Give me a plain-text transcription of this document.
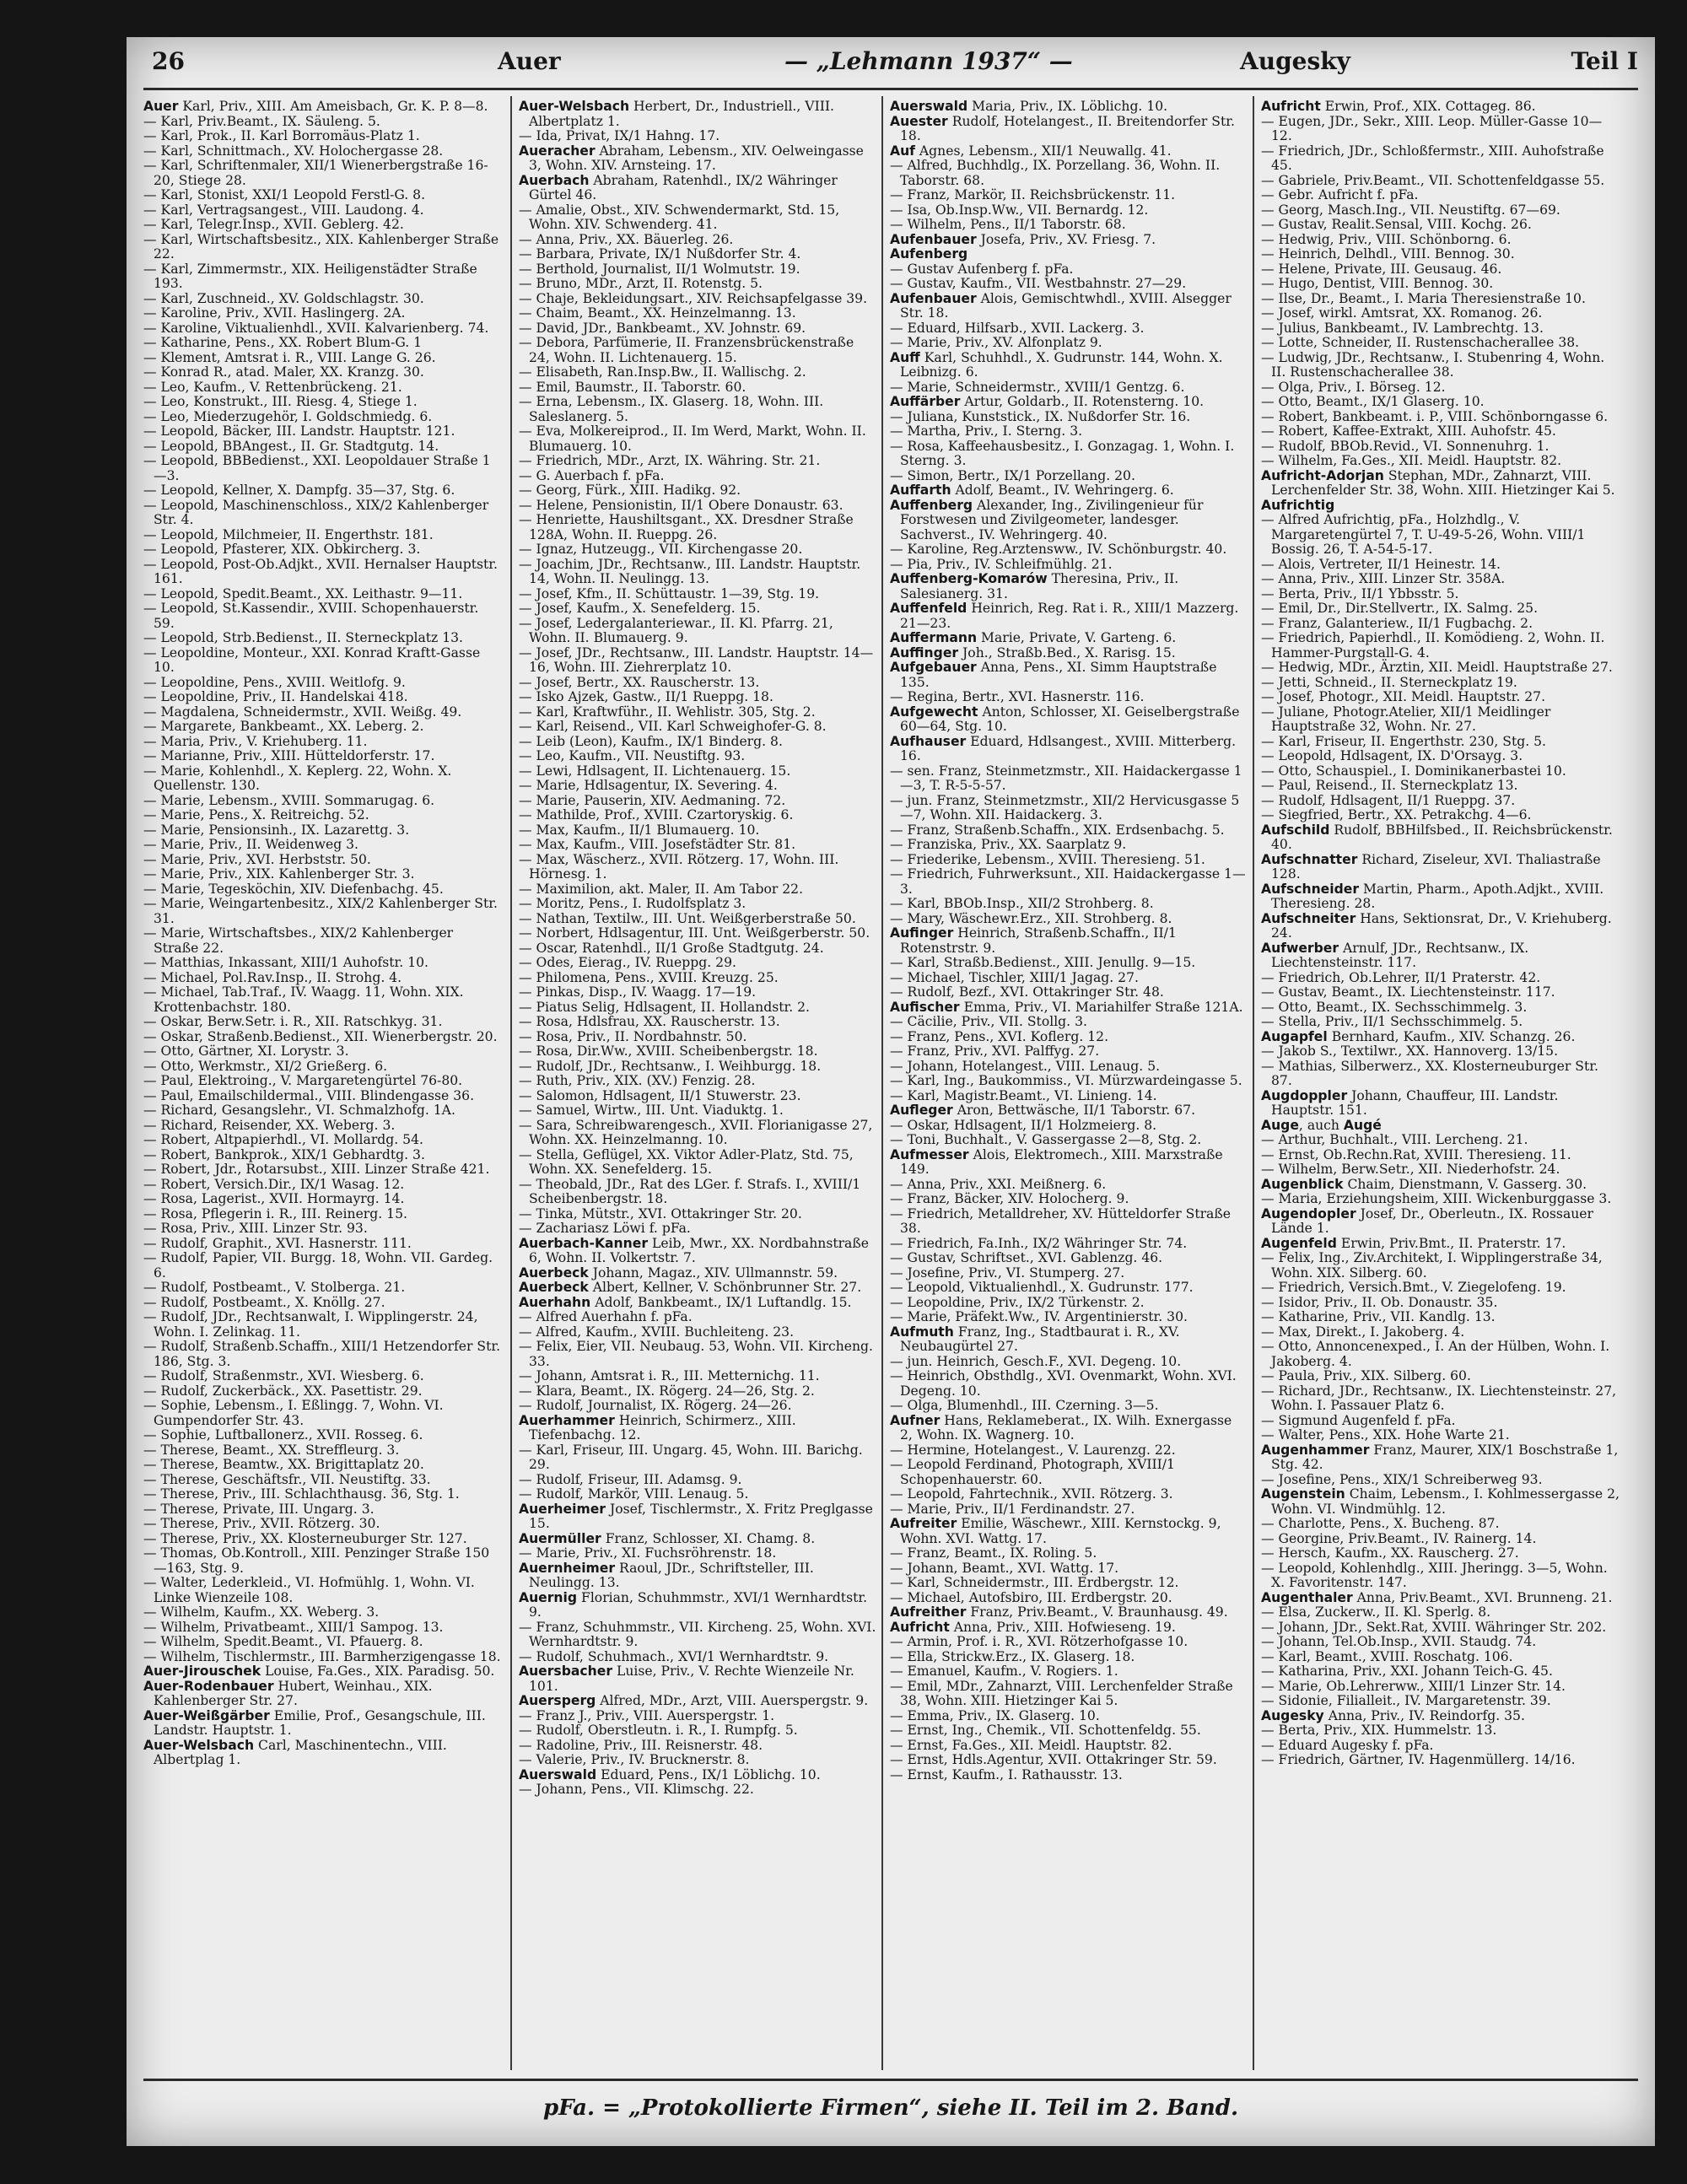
26	Auer	— „Lehmann 1937“ —	Augesky	Teil I

Auer Karl, Priv., XIII. Am Ameisbach, Gr. K. P. 8—8.

— Karl, Priv.Beamt., IX. Säuleng. 5.

— Karl, Prok., II. Karl Borromäus-Platz 1.

— Karl, Schnittmach., XV. Holochergasse 28.

— Karl, Schriftenmaler, XII/1 Wienerbergstraße 16-20, Stiege 28.

— Karl, Stonist, XXI/1 Leopold Ferstl-G. 8.

— Karl, Vertragsangest., VIII. Laudong. 4.

— Karl, Telegr.Insp., XVII. Geblerg. 42.

— Karl, Wirtschaftsbesitz., XIX. Kahlenberger Straße 22.

— Karl, Zimmermstr., XIX. Heiligenstädter Straße 193.

— Karl, Zuschneid., XV. Goldschlagstr. 30.

— Karoline, Priv., XVII. Haslingerg. 2A.

— Karoline, Viktualienhdl., XVII. Kalvarienberg. 74.

— Katharine, Pens., XX. Robert Blum-G. 1

— Klement, Amtsrat i. R., VIII. Lange G. 26.

— Konrad R., atad. Maler, XX. Kranzg. 30.

— Leo, Kaufm., V. Rettenbrückeng. 21.

— Leo, Konstrukt., III. Riesg. 4, Stiege 1.

— Leo, Miederzugehör, I. Goldschmiedg. 6.

— Leopold, Bäcker, III. Landstr. Hauptstr. 121.

— Leopold, BBAngest., II. Gr. Stadtgutg. 14.

— Leopold, BBBedienst., XXI. Leopoldauer Straße 1—3.

— Leopold, Kellner, X. Dampfg. 35—37, Stg. 6.

— Leopold, Maschinenschloss., XIX/2 Kahlenberger Str. 4.

— Leopold, Milchmeier, II. Engerthstr. 181.

— Leopold, Pfasterer, XIX. Obkircherg. 3.

— Leopold, Post-Ob.Adjkt., XVII. Hernalser Hauptstr. 161.

— Leopold, Spedit.Beamt., XX. Leithastr. 9—11.

— Leopold, St.Kassendir., XVIII. Schopenhauerstr. 59.

— Leopold, Strb.Bedienst., II. Sterneckplatz 13.

— Leopoldine, Monteur., XXI. Konrad Kraftt-Gasse 10.

— Leopoldine, Pens., XVIII. Weitlofg. 9.

— Leopoldine, Priv., II. Handelskai 418.

— Magdalena, Schneidermstr., XVII. Weißg. 49.

— Margarete, Bankbeamt., XX. Leberg. 2.

— Maria, Priv., V. Kriehuberg. 11.

— Marianne, Priv., XIII. Hütteldorferstr. 17.

— Marie, Kohlenhdl., X. Keplerg. 22, Wohn. X. Quellenstr. 130.

— Marie, Lebensm., XVIII. Sommarugag. 6.

— Marie, Pens., X. Reitreichg. 52.

— Marie, Pensionsinh., IX. Lazarettg. 3.

— Marie, Priv., II. Weidenweg 3.

— Marie, Priv., XVI. Herbststr. 50.

— Marie, Priv., XIX. Kahlenberger Str. 3.

— Marie, Tegesköchin, XIV. Diefenbachg. 45.

— Marie, Weingartenbesitz., XIX/2 Kahlenberger Str. 31.

— Marie, Wirtschaftsbes., XIX/2 Kahlenberger Straße 22.

— Matthias, Inkassant, XIII/1 Auhofstr. 10.

— Michael, Pol.Rav.Insp., II. Strohg. 4.

— Michael, Tab.Traf., IV. Waagg. 11, Wohn. XIX. Krottenbachstr. 180.

— Oskar, Berw.Setr. i. R., XII. Ratschkyg. 31.

— Oskar, Straßenb.Bedienst., XII. Wienerbergstr. 20.

— Otto, Gärtner, XI. Lorystr. 3.

— Otto, Werkmstr., XI/2 Grießerg. 6.

— Paul, Elektroing., V. Margaretengürtel 76-80.

— Paul, Emailschildermal., VIII. Blindengasse 36.

— Richard, Gesangslehr., VI. Schmalzhofg. 1A.

— Richard, Reisender, XX. Weberg. 3.

— Robert, Altpapierhdl., VI. Mollardg. 54.

— Robert, Bankprok., XIX/1 Gebhardtg. 3.

— Robert, Jdr., Rotarsubst., XIII. Linzer Straße 421.

— Robert, Versich.Dir., IX/1 Wasag. 12.

— Rosa, Lagerist., XVII. Hormayrg. 14.

— Rosa, Pflegerin i. R., III. Reinerg. 15.

— Rosa, Priv., XIII. Linzer Str. 93.

— Rudolf, Graphit., XVI. Hasnerstr. 111.

— Rudolf, Papier, VII. Burgg. 18, Wohn. VII. Gardeg. 6.

— Rudolf, Postbeamt., V. Stolberga. 21.

— Rudolf, Postbeamt., X. Knöllg. 27.

— Rudolf, JDr., Rechtsanwalt, I. Wipplingerstr. 24, Wohn. I. Zelinkag. 11.

— Rudolf, Straßenb.Schaffn., XIII/1 Hetzendorfer Str. 186, Stg. 3.

— Rudolf, Straßenmstr., XVI. Wiesberg. 6.

— Rudolf, Zuckerbäck., XX. Pasettistr. 29.

— Sophie, Lebensm., I. Eßlingg. 7, Wohn. VI. Gumpendorfer Str. 43.

— Sophie, Luftballonerz., XVII. Rosseg. 6.

— Therese, Beamt., XX. Streffleurg. 3.

— Therese, Beamtw., XX. Brigittaplatz 20.

— Therese, Geschäftsfr., VII. Neustiftg. 33.

— Therese, Priv., III. Schlachthausg. 36, Stg. 1.

— Therese, Private, III. Ungarg. 3.

— Therese, Priv., XVII. Rötzerg. 30.

— Therese, Priv., XX. Klosterneuburger Str. 127.

— Thomas, Ob.Kontroll., XIII. Penzinger Straße 150—163, Stg. 9.

— Walter, Lederkleid., VI. Hofmühlg. 1, Wohn. VI. Linke Wienzeile 108.

— Wilhelm, Kaufm., XX. Weberg. 3.

— Wilhelm, Privatbeamt., XIII/1 Sampog. 13.

— Wilhelm, Spedit.Beamt., VI. Pfauerg. 8.

— Wilhelm, Tischlermstr., III. Barmherzigengasse 18.

Auer-Jirouschek Louise, Fa.Ges., XIX. Paradisg. 50.

Auer-Rodenbauer Hubert, Weinhau., XIX. Kahlenberger Str. 27.

Auer-Weißgärber Emilie, Prof., Gesangschule, III. Landstr. Hauptstr. 1.

Auer-Welsbach Carl, Maschinentechn., VIII. Albertplag 1.

Auer-Welsbach Herbert, Dr., Industriell., VIII. Albertplatz 1.

— Ida, Privat, IX/1 Hahng. 17.

Aueracher Abraham, Lebensm., XIV. Oelweingasse 3, Wohn. XIV. Arnsteing. 17.

Auerbach Abraham, Ratenhdl., IX/2 Währinger Gürtel 46.

— Amalie, Obst., XIV. Schwendermarkt, Std. 15, Wohn. XIV. Schwenderg. 41.

— Anna, Priv., XX. Bäuerleg. 26.

— Barbara, Private, IX/1 Nußdorfer Str. 4.

— Berthold, Journalist, II/1 Wolmutstr. 19.

— Bruno, MDr., Arzt, II. Rotenstg. 5.

— Chaje, Bekleidungsart., XIV. Reichsapfelgasse 39.

— Chaim, Beamt., XX. Heinzelmanng. 13.

— David, JDr., Bankbeamt., XV. Johnstr. 69.

— Debora, Parfümerie, II. Franzensbrückenstraße 24, Wohn. II. Lichtenauerg. 15.

— Elisabeth, Ran.Insp.Bw., II. Wallischg. 2.

— Emil, Baumstr., II. Taborstr. 60.

— Erna, Lebensm., IX. Glaserg. 18, Wohn. III. Saleslanerg. 5.

— Eva, Molkereiprod., II. Im Werd, Markt, Wohn. II. Blumauerg. 10.

— Friedrich, MDr., Arzt, IX. Währing. Str. 21.

— G. Auerbach f. pFa.

— Georg, Fürk., XIII. Hadikg. 92.

— Helene, Pensionistin, II/1 Obere Donaustr. 63.

— Henriette, Haushiltsgant., XX. Dresdner Straße 128A, Wohn. II. Rueppg. 26.

— Ignaz, Hutzeugg., VII. Kirchengasse 20.

— Joachim, JDr., Rechtsanw., III. Landstr. Hauptstr. 14, Wohn. II. Neulingg. 13.

— Josef, Kfm., II. Schüttaustr. 1—39, Stg. 19.

— Josef, Kaufm., X. Senefelderg. 15.

— Josef, Ledergalanteriewar., II. Kl. Pfarrg. 21, Wohn. II. Blumauerg. 9.

— Josef, JDr., Rechtsanw., III. Landstr. Hauptstr. 14—16, Wohn. III. Ziehrerplatz 10.

— Josef, Bertr., XX. Rauscherstr. 13.

— Isko Ajzek, Gastw., II/1 Rueppg. 18.

— Karl, Kraftwführ., II. Wehlistr. 305, Stg. 2.

— Karl, Reisend., VII. Karl Schweighofer-G. 8.

— Leib (Leon), Kaufm., IX/1 Binderg. 8.

— Leo, Kaufm., VII. Neustiftg. 93.

— Lewi, Hdlsagent, II. Lichtenauerg. 15.

— Marie, Hdlsagentur, IX. Severing. 4.

— Marie, Pauserin, XIV. Aedmaning. 72.

— Mathilde, Prof., XVIII. Czartoryskig. 6.

— Max, Kaufm., II/1 Blumauerg. 10.

— Max, Kaufm., VIII. Josefstädter Str. 81.

— Max, Wäscherz., XVII. Rötzerg. 17, Wohn. III. Hörnesg. 1.

— Maximilion, akt. Maler, II. Am Tabor 22.

— Moritz, Pens., I. Rudolfsplatz 3.

— Nathan, Textilw., III. Unt. Weißgerberstraße 50.

— Norbert, Hdlsagentur, III. Unt. Weißgerberstr. 50.

— Oscar, Ratenhdl., II/1 Große Stadtgutg. 24.

— Odes, Eierag., IV. Rueppg. 29.

— Philomena, Pens., XVIII. Kreuzg. 25.

— Pinkas, Disp., IV. Waagg. 17—19.

— Piatus Selig, Hdlsagent, II. Hollandstr. 2.

— Rosa, Hdlsfrau, XX. Rauscherstr. 13.

— Rosa, Priv., II. Nordbahnstr. 50.

— Rosa, Dir.Ww., XVIII. Scheibenbergstr. 18.

— Rudolf, JDr., Rechtsanw., I. Weihburgg. 18.

— Ruth, Priv., XIX. (XV.) Fenzig. 28.

— Salomon, Hdlsagent, II/1 Stuwerstr. 23.

— Samuel, Wirtw., III. Unt. Viaduktg. 1.

— Sara, Schreibwarengesch., XVII. Florianigasse 27, Wohn. XX. Heinzelmanng. 10.

— Stella, Geflügel, XX. Viktor Adler-Platz, Std. 75, Wohn. XX. Senefelderg. 15.

— Theobald, JDr., Rat des LGer. f. Strafs. I., XVIII/1 Scheibenbergstr. 18.

— Tinka, Mütstr., XVI. Ottakringer Str. 20.

— Zachariasz Löwi f. pFa.

Auerbach-Kanner Leib, Mwr., XX. Nordbahnstraße 6, Wohn. II. Volkertstr. 7.

Auerbeck Johann, Magaz., XIV. Ullmannstr. 59.

Auerbeck Albert, Kellner, V. Schönbrunner Str. 27.

Auerhahn Adolf, Bankbeamt., IX/1 Luftandlg. 15.

— Alfred Auerhahn f. pFa.

— Alfred, Kaufm., XVIII. Buchleiteng. 23.

— Felix, Eier, VII. Neubaug. 53, Wohn. VII. Kircheng. 33.

— Johann, Amtsrat i. R., III. Metternichg. 11.

— Klara, Beamt., IX. Rögerg. 24—26, Stg. 2.

— Rudolf, Journalist, IX. Rögerg. 24—26.

Auerhammer Heinrich, Schirmerz., XIII. Tiefenbachg. 12.

— Karl, Friseur, III. Ungarg. 45, Wohn. III. Barichg. 29.

— Rudolf, Friseur, III. Adamsg. 9.

— Rudolf, Markör, VIII. Lenaug. 5.

Auerheimer Josef, Tischlermstr., X. Fritz Preglgasse 15.

Auermüller Franz, Schlosser, XI. Chamg. 8.

— Marie, Priv., XI. Fuchsröhrenstr. 18.

Auernheimer Raoul, JDr., Schriftsteller, III. Neulingg. 13.

Auernig Florian, Schuhmmstr., XVI/1 Wernhardtstr. 9.

— Franz, Schuhmmstr., VII. Kircheng. 25, Wohn. XVI. Wernhardtstr. 9.

— Rudolf, Schuhmach., XVI/1 Wernhardtstr. 9.

Auersbacher Luise, Priv., V. Rechte Wienzeile Nr. 101.

Auersperg Alfred, MDr., Arzt, VIII. Auerspergstr. 9.

— Franz J., Priv., VIII. Auerspergstr. 1.

— Rudolf, Oberstleutn. i. R., I. Rumpfg. 5.

— Radoline, Priv., III. Reisnerstr. 48.

— Valerie, Priv., IV. Brucknerstr. 8.

Auerswald Eduard, Pens., IX/1 Löblichg. 10.

— Johann, Pens., VII. Klimschg. 22.

Auerswald Maria, Priv., IX. Löblichg. 10.

Auester Rudolf, Hotelangest., II. Breitendorfer Str. 18.

Auf Agnes, Lebensm., XII/1 Neuwallg. 41.

— Alfred, Buchhdlg., IX. Porzellang. 36, Wohn. II. Taborstr. 68.

— Franz, Markör, II. Reichsbrückenstr. 11.

— Isa, Ob.Insp.Ww., VII. Bernardg. 12.

— Wilhelm, Pens., II/1 Taborstr. 68.

Aufenbauer Josefa, Priv., XV. Friesg. 7.

Aufenberg

— Gustav Aufenberg f. pFa.

— Gustav, Kaufm., VII. Westbahnstr. 27—29.

Aufenbauer Alois, Gemischtwhdl., XVIII. Alsegger Str. 18.

— Eduard, Hilfsarb., XVII. Lackerg. 3.

— Marie, Priv., XV. Alfonplatz 9.

Auff Karl, Schuhhdl., X. Gudrunstr. 144, Wohn. X. Leibnizg. 6.

— Marie, Schneidermstr., XVIII/1 Gentzg. 6.

Auffärber Artur, Goldarb., II. Rotensterng. 10.

— Juliana, Kunststick., IX. Nußdorfer Str. 16.

— Martha, Priv., I. Sterng. 3.

— Rosa, Kaffeehausbesitz., I. Gonzagag. 1, Wohn. I. Sterng. 3.

— Simon, Bertr., IX/1 Porzellang. 20.

Auffarth Adolf, Beamt., IV. Wehringerg. 6.

Auffenberg Alexander, Ing., Zivilingenieur für Forstwesen und Zivilgeometer, landesger. Sachverst., IV. Wehringerg. 40.

— Karoline, Reg.Arztensww., IV. Schönburgstr. 40.

— Pia, Priv., IV. Schleifmühlg. 21.

Auffenberg-Komarów Theresina, Priv., II. Salesianerg. 31.

Auffenfeld Heinrich, Reg. Rat i. R., XIII/1 Mazzerg. 21—23.

Auffermann Marie, Private, V. Garteng. 6.

Auffinger Joh., Straßb.Bed., X. Rarisg. 15.

Aufgebauer Anna, Pens., XI. Simm Hauptstraße 135.

— Regina, Bertr., XVI. Hasnerstr. 116.

Aufgewecht Anton, Schlosser, XI. Geiselbergstraße 60—64, Stg. 10.

Aufhauser Eduard, Hdlsangest., XVIII. Mitterberg. 16.

— sen. Franz, Steinmetzmstr., XII. Haidackergasse 1—3, T. R-5-5-57.

— jun. Franz, Steinmetzmstr., XII/2 Hervicusgasse 5—7, Wohn. XII. Haidackerg. 3.

— Franz, Straßenb.Schaffn., XIX. Erdsenbachg. 5.

— Franziska, Priv., XX. Saarplatz 9.

— Friederike, Lebensm., XVIII. Theresieng. 51.

— Friedrich, Fuhrwerksunt., XII. Haidackergasse 1—3.

— Karl, BBOb.Insp., XII/2 Strohberg. 8.

— Mary, Wäschewr.Erz., XII. Strohberg. 8.

Aufinger Heinrich, Straßenb.Schaffn., II/1 Rotenstrstr. 9.

— Karl, Straßb.Bedienst., XIII. Jenullg. 9—15.

— Michael, Tischler, XIII/1 Jagag. 27.

— Rudolf, Bezf., XVI. Ottakringer Str. 48.

Aufischer Emma, Priv., VI. Mariahilfer Straße 121A.

— Cäcilie, Priv., VII. Stollg. 3.

— Franz, Pens., XVI. Koflerg. 12.

— Franz, Priv., XVI. Palffyg. 27.

— Johann, Hotelangest., VIII. Lenaug. 5.

— Karl, Ing., Baukommiss., VI. Mürzwardeingasse 5.

— Karl, Magistr.Beamt., VI. Linieng. 14.

Aufleger Aron, Bettwäsche, II/1 Taborstr. 67.

— Oskar, Hdlsagent, II/1 Holzmeierg. 8.

— Toni, Buchhalt., V. Gassergasse 2—8, Stg. 2.

Aufmesser Alois, Elektromech., XIII. Marxstraße 149.

— Anna, Priv., XXI. Meißnerg. 6.

— Franz, Bäcker, XIV. Holocherg. 9.

— Friedrich, Metalldreher, XV. Hütteldorfer Straße 38.

— Friedrich, Fa.Inh., IX/2 Währinger Str. 74.

— Gustav, Schriftset., XVI. Gablenzg. 46.

— Josefine, Priv., VI. Stumperg. 27.

— Leopold, Viktualienhdl., X. Gudrunstr. 177.

— Leopoldine, Priv., IX/2 Türkenstr. 2.

— Marie, Präfekt.Ww., IV. Argentinierstr. 30.

Aufmuth Franz, Ing., Stadtbaurat i. R., XV. Neubaugürtel 27.

— jun. Heinrich, Gesch.F., XVI. Degeng. 10.

— Heinrich, Obsthdlg., XVI. Ovenmarkt, Wohn. XVI. Degeng. 10.

— Olga, Blumenhdl., III. Czerning. 3—5.

Aufner Hans, Reklameberat., IX. Wilh. Exnergasse 2, Wohn. IX. Wagnerg. 10.

— Hermine, Hotelangest., V. Laurenzg. 22.

— Leopold Ferdinand, Photograph, XVIII/1 Schopenhauerstr. 60.

— Leopold, Fahrtechnik., XVII. Rötzerg. 3.

— Marie, Priv., II/1 Ferdinandstr. 27.

Aufreiter Emilie, Wäschewr., XIII. Kernstockg. 9, Wohn. XVI. Wattg. 17.

— Franz, Beamt., IX. Roling. 5.

— Johann, Beamt., XVI. Wattg. 17.

— Karl, Schneidermstr., III. Erdbergstr. 12.

— Michael, Autofsbiro, III. Erdbergstr. 20.

Aufreither Franz, Priv.Beamt., V. Braunhausg. 49.

Aufricht Anna, Priv., XIII. Hofwieseng. 19.

— Armin, Prof. i. R., XVI. Rötzerhofgasse 10.

— Ella, Strickw.Erz., IX. Glaserg. 18.

— Emanuel, Kaufm., V. Rogiers. 1.

— Emil, MDr., Zahnarzt, VIII. Lerchenfelder Straße 38, Wohn. XIII. Hietzinger Kai 5.

— Emma, Priv., IX. Glaserg. 10.

— Ernst, Ing., Chemik., VII. Schottenfeldg. 55.

— Ernst, Fa.Ges., XII. Meidl. Hauptstr. 82.

— Ernst, Hdls.Agentur, XVII. Ottakringer Str. 59.

— Ernst, Kaufm., I. Rathausstr. 13.

Aufricht Erwin, Prof., XIX. Cottageg. 86.

— Eugen, JDr., Sekr., XIII. Leop. Müller-Gasse 10—12.

— Friedrich, JDr., Schloßfermstr., XIII. Auhofstraße 45.

— Gabriele, Priv.Beamt., VII. Schottenfeldgasse 55.

— Gebr. Aufricht f. pFa.

— Georg, Masch.Ing., VII. Neustiftg. 67—69.

— Gustav, Realit.Sensal, VIII. Kochg. 26.

— Hedwig, Priv., VIII. Schönborng. 6.

— Heinrich, Delhdl., VIII. Bennog. 30.

— Helene, Private, III. Geusaug. 46.

— Hugo, Dentist, VIII. Bennog. 30.

— Ilse, Dr., Beamt., I. Maria Theresienstraße 10.

— Josef, wirkl. Amtsrat, XX. Romanog. 26.

— Julius, Bankbeamt., IV. Lambrechtg. 13.

— Lotte, Schneider, II. Rustenschacherallee 38.

— Ludwig, JDr., Rechtsanw., I. Stubenring 4, Wohn. II. Rustenschacherallee 38.

— Olga, Priv., I. Börseg. 12.

— Otto, Beamt., IX/1 Glaserg. 10.

— Robert, Bankbeamt. i. P., VIII. Schönborngasse 6.

— Robert, Kaffee-Extrakt, XIII. Auhofstr. 45.

— Rudolf, BBOb.Revid., VI. Sonnenuhrg. 1.

— Wilhelm, Fa.Ges., XII. Meidl. Hauptstr. 82.

Aufricht-Adorjan Stephan, MDr., Zahnarzt, VIII. Lerchenfelder Str. 38, Wohn. XIII. Hietzinger Kai 5.

Aufrichtig

— Alfred Aufrichtig, pFa., Holzhdlg., V. Margaretengürtel 7, T. U-49-5-26, Wohn. VIII/1 Bossig. 26, T. A-54-5-17.

— Alois, Vertreter, II/1 Heinestr. 14.

— Anna, Priv., XIII. Linzer Str. 358A.

— Berta, Priv., II/1 Ybbsstr. 5.

— Emil, Dr., Dir.Stellvertr., IX. Salmg. 25.

— Franz, Galanteriew., II/1 Fugbachg. 2.

— Friedrich, Papierhdl., II. Komödieng. 2, Wohn. II. Hammer-Purgstall-G. 4.

— Hedwig, MDr., Ärztin, XII. Meidl. Hauptstraße 27.

— Jetti, Schneid., II. Sterneckplatz 19.

— Josef, Photogr., XII. Meidl. Hauptstr. 27.

— Juliane, Photogr.Atelier, XII/1 Meidlinger Hauptstraße 32, Wohn. Nr. 27.

— Karl, Friseur, II. Engerthstr. 230, Stg. 5.

— Leopold, Hdlsagent, IX. D'Orsayg. 3.

— Otto, Schauspiel., I. Dominikanerbastei 10.

— Paul, Reisend., II. Sterneckplatz 13.

— Rudolf, Hdlsagent, II/1 Rueppg. 37.

— Siegfried, Bertr., XX. Petrakchg. 4—6.

Aufschild Rudolf, BBHilfsbed., II. Reichsbrückenstr. 40.

Aufschnatter Richard, Ziseleur, XVI. Thaliastraße 128.

Aufschneider Martin, Pharm., Apoth.Adjkt., XVIII. Theresieng. 28.

Aufschneiter Hans, Sektionsrat, Dr., V. Kriehuberg. 24.

Aufwerber Arnulf, JDr., Rechtsanw., IX. Liechtensteinstr. 117.

— Friedrich, Ob.Lehrer, II/1 Praterstr. 42.

— Gustav, Beamt., IX. Liechtensteinstr. 117.

— Otto, Beamt., IX. Sechsschimmelg. 3.

— Stella, Priv., II/1 Sechsschimmelg. 5.

Augapfel Bernhard, Kaufm., XIV. Schanzg. 26.

— Jakob S., Textilwr., XX. Hannoverg. 13/15.

— Mathias, Silberwerz., XX. Klosterneuburger Str. 87.

Augdoppler Johann, Chauffeur, III. Landstr. Hauptstr. 151.

Auge, auch Augé

— Arthur, Buchhalt., VIII. Lercheng. 21.

— Ernst, Ob.Rechn.Rat, XVIII. Theresieng. 11.

— Wilhelm, Berw.Setr., XII. Niederhofstr. 24.

Augenblick Chaim, Dienstmann, V. Gasserg. 30.

— Maria, Erziehungsheim, XIII. Wickenburggasse 3.

Augendopler Josef, Dr., Oberleutn., IX. Rossauer Lände 1.

Augenfeld Erwin, Priv.Bmt., II. Praterstr. 17.

— Felix, Ing., Ziv.Architekt, I. Wipplingerstraße 34, Wohn. XIX. Silberg. 60.

— Friedrich, Versich.Bmt., V. Ziegelofeng. 19.

— Isidor, Priv., II. Ob. Donaustr. 35.

— Katharine, Priv., VII. Kandlg. 13.

— Max, Direkt., I. Jakoberg. 4.

— Otto, Annoncenexped., I. An der Hülben, Wohn. I. Jakoberg. 4.

— Paula, Priv., XIX. Silberg. 60.

— Richard, JDr., Rechtsanw., IX. Liechtensteinstr. 27, Wohn. I. Passauer Platz 6.

— Sigmund Augenfeld f. pFa.

— Walter, Pens., XIX. Hohe Warte 21.

Augenhammer Franz, Maurer, XIX/1 Boschstraße 1, Stg. 42.

— Josefine, Pens., XIX/1 Schreiberweg 93.

Augenstein Chaim, Lebensm., I. Kohlmessergasse 2, Wohn. VI. Windmühlg. 12.

— Charlotte, Pens., X. Bucheng. 87.

— Georgine, Priv.Beamt., IV. Rainerg. 14.

— Hersch, Kaufm., XX. Rauscherg. 27.

— Leopold, Kohlenhdlg., XIII. Jheringg. 3—5, Wohn. X. Favoritenstr. 147.

Augenthaler Anna, Priv.Beamt., XVI. Brunneng. 21.

— Elsa, Zuckerw., II. Kl. Sperlg. 8.

— Johann, JDr., Sekt.Rat, XVIII. Währinger Str. 202.

— Johann, Tel.Ob.Insp., XVII. Staudg. 74.

— Karl, Beamt., XVIII. Roschatg. 106.

— Katharina, Priv., XXI. Johann Teich-G. 45.

— Marie, Ob.Lehrerww., XIII/1 Linzer Str. 14.

— Sidonie, Filialleit., IV. Margaretenstr. 39.

Augesky Anna, Priv., IV. Reindorfg. 35.

— Berta, Priv., XIX. Hummelstr. 13.

— Eduard Augesky f. pFa.

— Friedrich, Gärtner, IV. Hagenmüllerg. 14/16.

pFa. = „Protokollierte Firmen“, siehe II. Teil im 2. Band.
